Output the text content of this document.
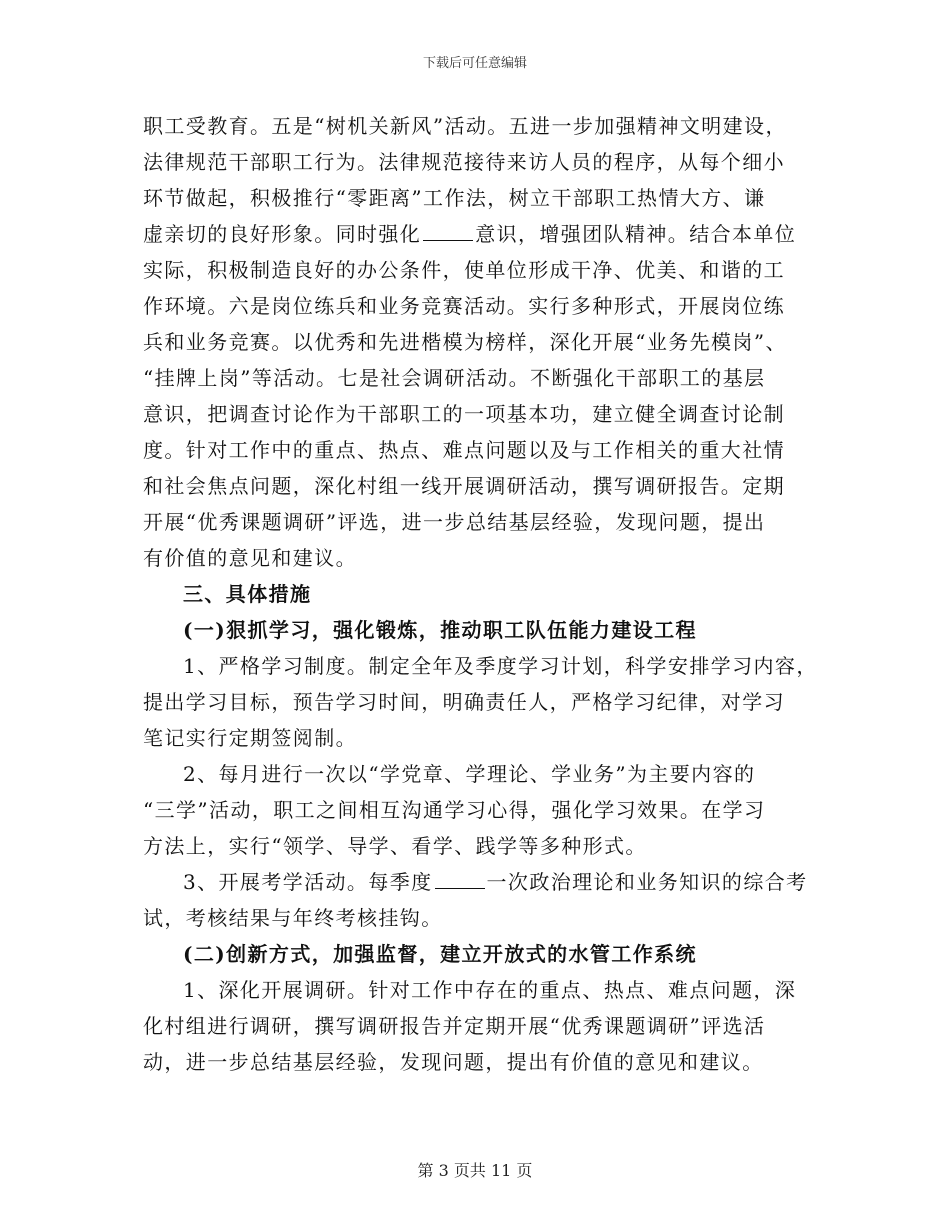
下载后可任意编辑
职工受教育。五是“树机关新风”活动。五进一步加强精神文明建设，
法律规范干部职工行为。法律规范接待来访人员的程序，从每个细小
环节做起，积极推行“零距离”工作法，树立干部职工热情大方、谦
虚亲切的良好形象。同时强化	意识，增强团队精神。结合本单位
实际，积极制造良好的办公条件，使单位形成干净、优美、和谐的工
作环境。六是岗位练兵和业务竞赛活动。实行多种形式，开展岗位练
兵和业务竞赛。以优秀和先进楷模为榜样，深化开展“业务先模岗”、
“挂牌上岗”等活动。七是社会调研活动。不断强化干部职工的基层
意识，把调查讨论作为干部职工的一项基本功，建立健全调查讨论制
度。针对工作中的重点、热点、难点问题以及与工作相关的重大社情
和社会焦点问题，深化村组一线开展调研活动，撰写调研报告。定期
开展“优秀课题调研”评选，进一步总结基层经验，发现问题，提出
有价值的意见和建议。
三、具体措施
(一)狠抓学习，强化锻炼，推动职工队伍能力建设工程
1、严格学习制度。制定全年及季度学习计划，科学安排学习内容，
提出学习目标，预告学习时间，明确责任人，严格学习纪律，对学习
笔记实行定期签阅制。
2、每月进行一次以“学党章、学理论、学业务”为主要内容的
“三学”活动，职工之间相互沟通学习心得，强化学习效果。在学习
方法上，实行“领学、导学、看学、践学等多种形式。
3、开展考学活动。每季度	一次政治理论和业务知识的综合考
试，考核结果与年终考核挂钩。
(二)创新方式，加强监督，建立开放式的水管工作系统
1、深化开展调研。针对工作中存在的重点、热点、难点问题，深
化村组进行调研，撰写调研报告并定期开展“优秀课题调研”评选活
动，进一步总结基层经验，发现问题，提出有价值的意见和建议。
第 3 页共 11 页
